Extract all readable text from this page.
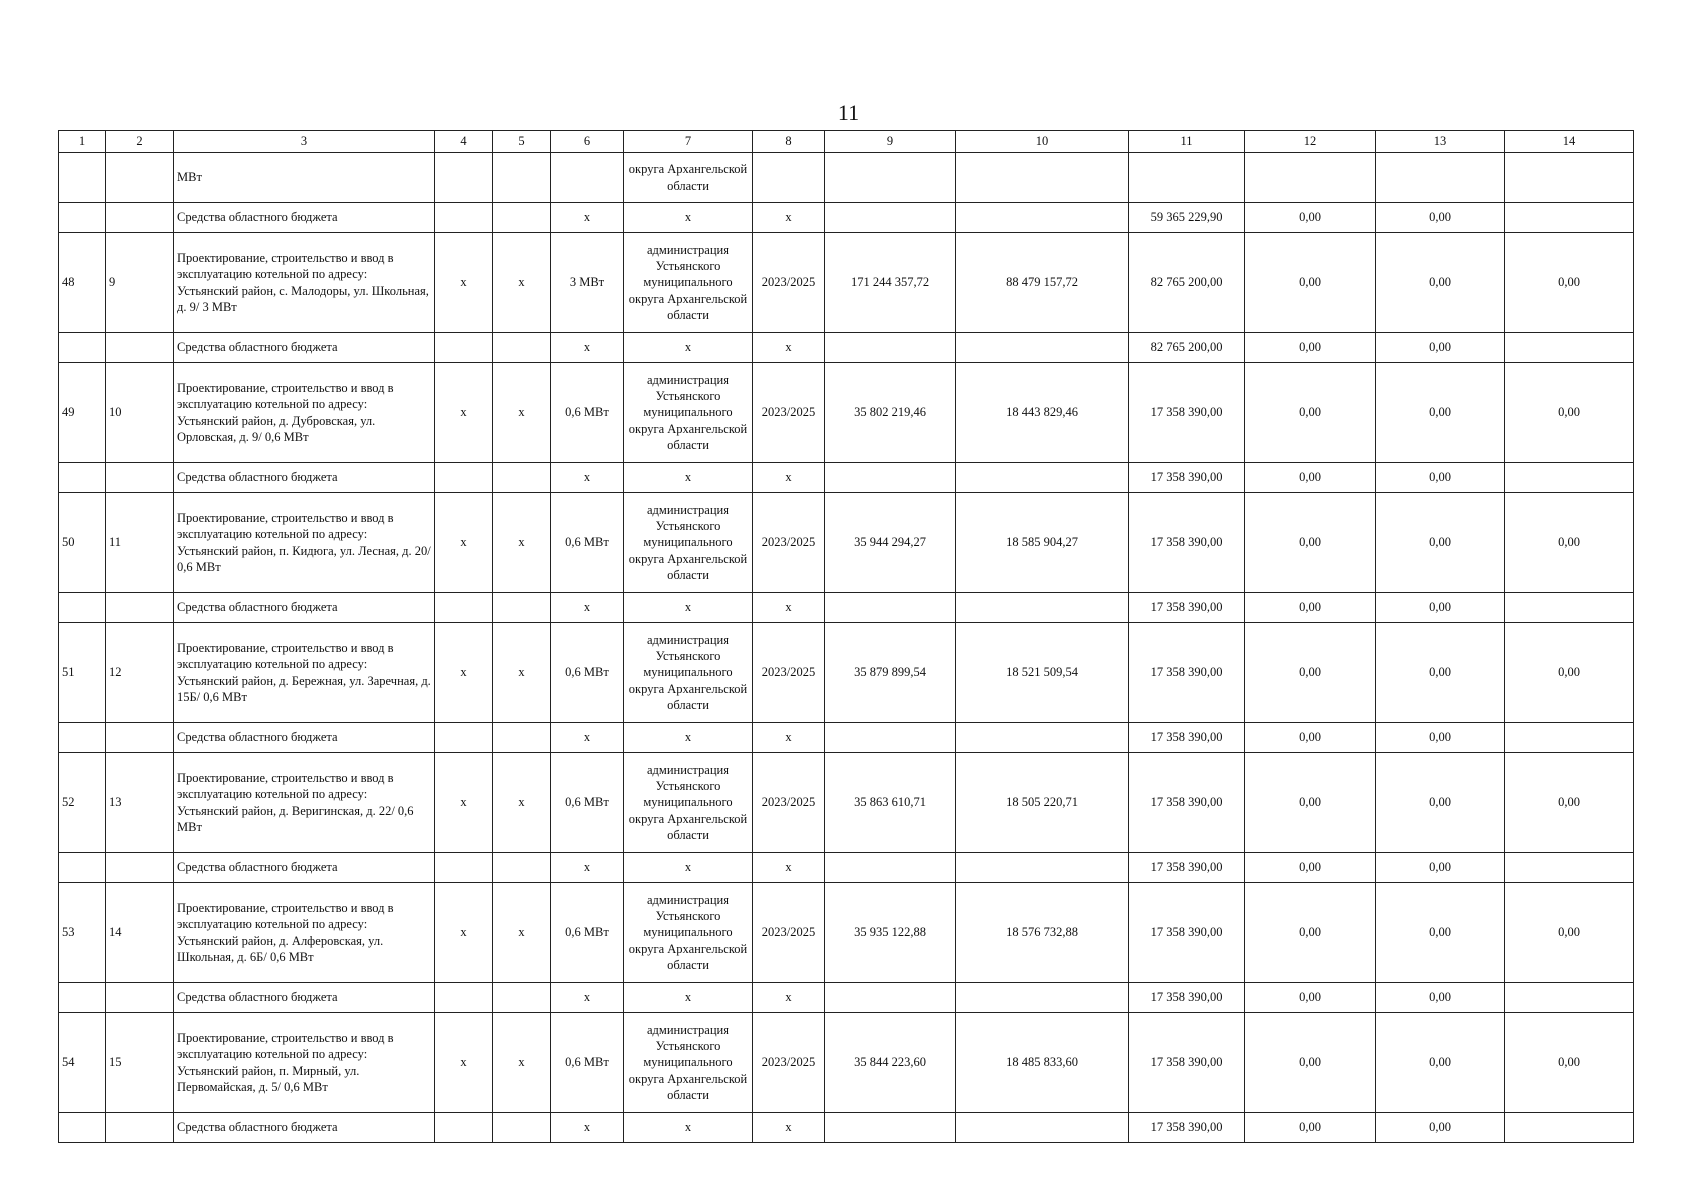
11
1	2	3	4	5	6	7	8	9	10	11	12	13	14
		МВт				округа Архангельской области							
		Средства областного бюджета			х	х	х			59 365 229,90	0,00	0,00	
48	9	Проектирование, строительство и ввод в эксплуатацию котельной по адресу: Устьянский район, с. Малодоры, ул. Школьная, д. 9/ 3 МВт	х	х	3 МВт	администрация Устьянского муниципального округа Архангельской области	2023/2025	171 244 357,72	88 479 157,72	82 765 200,00	0,00	0,00	0,00
		Средства областного бюджета			х	х	х			82 765 200,00	0,00	0,00	
49	10	Проектирование, строительство и ввод в эксплуатацию котельной по адресу: Устьянский район, д. Дубровская, ул. Орловская, д. 9/ 0,6 МВт	х	х	0,6 МВт	администрация Устьянского муниципального округа Архангельской области	2023/2025	35 802 219,46	18 443 829,46	17 358 390,00	0,00	0,00	0,00
		Средства областного бюджета			х	х	х			17 358 390,00	0,00	0,00	
50	11	Проектирование, строительство и ввод в эксплуатацию котельной по адресу: Устьянский район, п. Кидюга, ул. Лесная, д. 20/ 0,6 МВт	х	х	0,6 МВт	администрация Устьянского муниципального округа Архангельской области	2023/2025	35 944 294,27	18 585 904,27	17 358 390,00	0,00	0,00	0,00
		Средства областного бюджета			х	х	х			17 358 390,00	0,00	0,00	
51	12	Проектирование, строительство и ввод в эксплуатацию котельной по адресу: Устьянский район, д. Бережная, ул. Заречная, д. 15Б/ 0,6 МВт	х	х	0,6 МВт	администрация Устьянского муниципального округа Архангельской области	2023/2025	35 879 899,54	18 521 509,54	17 358 390,00	0,00	0,00	0,00
		Средства областного бюджета			х	х	х			17 358 390,00	0,00	0,00	
52	13	Проектирование, строительство и ввод в эксплуатацию котельной по адресу: Устьянский район, д. Веригинская, д. 22/ 0,6 МВт	х	х	0,6 МВт	администрация Устьянского муниципального округа Архангельской области	2023/2025	35 863 610,71	18 505 220,71	17 358 390,00	0,00	0,00	0,00
		Средства областного бюджета			х	х	х			17 358 390,00	0,00	0,00	
53	14	Проектирование, строительство и ввод в эксплуатацию котельной по адресу: Устьянский район, д. Алферовская, ул. Школьная, д. 6Б/ 0,6 МВт	х	х	0,6 МВт	администрация Устьянского муниципального округа Архангельской области	2023/2025	35 935 122,88	18 576 732,88	17 358 390,00	0,00	0,00	0,00
		Средства областного бюджета			х	х	х			17 358 390,00	0,00	0,00	
54	15	Проектирование, строительство и ввод в эксплуатацию котельной по адресу: Устьянский район, п. Мирный, ул. Первомайская, д. 5/ 0,6 МВт	х	х	0,6 МВт	администрация Устьянского муниципального округа Архангельской области	2023/2025	35 844 223,60	18 485 833,60	17 358 390,00	0,00	0,00	0,00
		Средства областного бюджета			х	х	х			17 358 390,00	0,00	0,00	
